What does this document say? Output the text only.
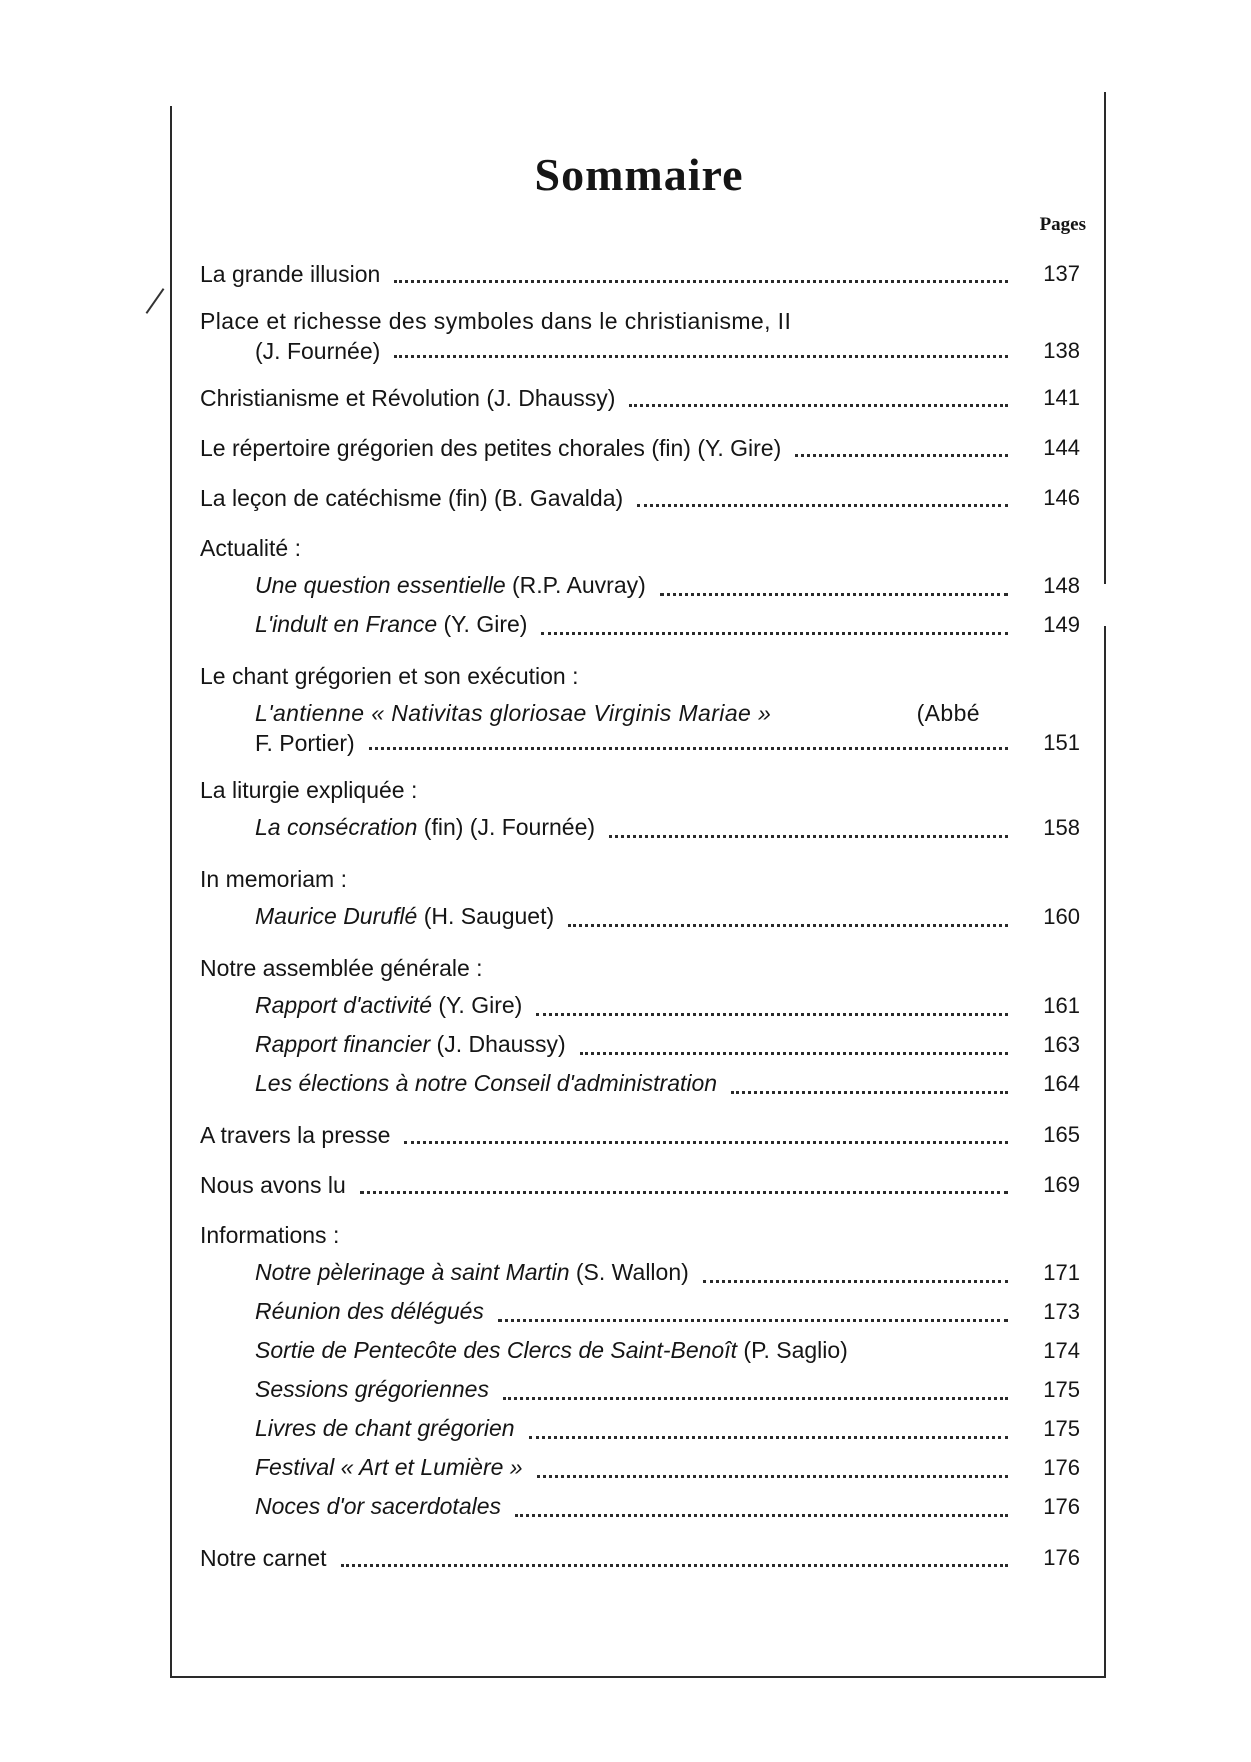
Sommaire
Pages
La grande illusion	137
Place et richesse des symboles dans le christianisme, II
(J. Fournée)	138
Christianisme et Révolution (J. Dhaussy)	141
Le répertoire grégorien des petites chorales (fin) (Y. Gire)	144
La leçon de catéchisme (fin) (B. Gavalda)	146
Actualité :
Une question essentielle (R.P. Auvray)	148
L'indult en France (Y. Gire)	149
Le chant grégorien et son exécution :
L'antienne « Nativitas gloriosae Virginis Mariae »	(Abbé
F. Portier)	151
La liturgie expliquée :
La consécration (fin) (J. Fournée)	158
In memoriam :
Maurice Duruflé (H. Sauguet)	160
Notre assemblée générale :
Rapport d'activité (Y. Gire)	161
Rapport financier (J. Dhaussy)	163
Les élections à notre Conseil d'administration	164
A travers la presse	165
Nous avons lu	169
Informations :
Notre pèlerinage à saint Martin (S. Wallon)	171
Réunion des délégués	173
Sortie de Pentecôte des Clercs de Saint-Benoît (P. Saglio)	174
Sessions grégoriennes	175
Livres de chant grégorien	175
Festival « Art et Lumière »	176
Noces d'or sacerdotales	176
Notre carnet	176
